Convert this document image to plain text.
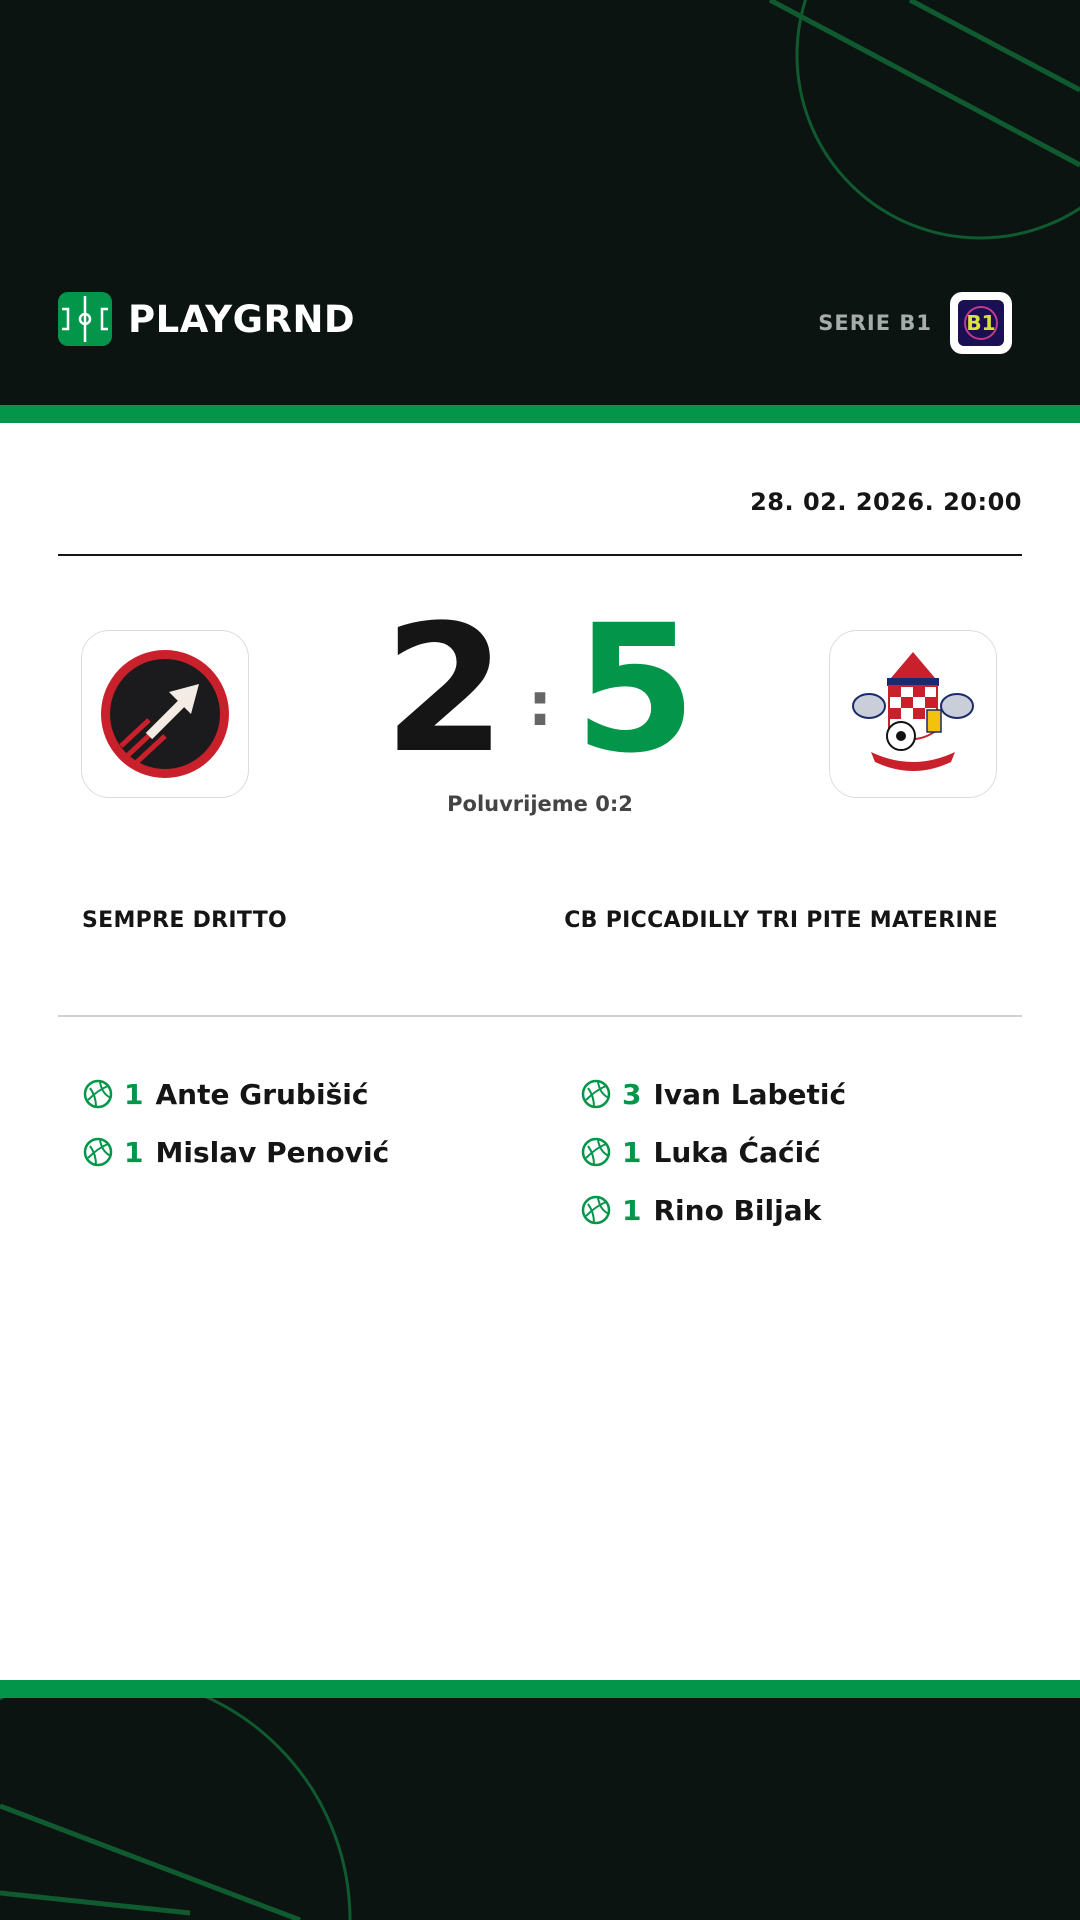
PLAYGRND	SERIE B1 B1
28. 02. 2026. 20:00
2 : 5
Poluvrijeme 0:2
SEMPRE DRITTO	CB PICCADILLY TRI PITE MATERINE
1 Ante Grubišić
1 Mislav Penović
3 Ivan Labetić
1 Luka Ćaćić
1 Rino Biljak
